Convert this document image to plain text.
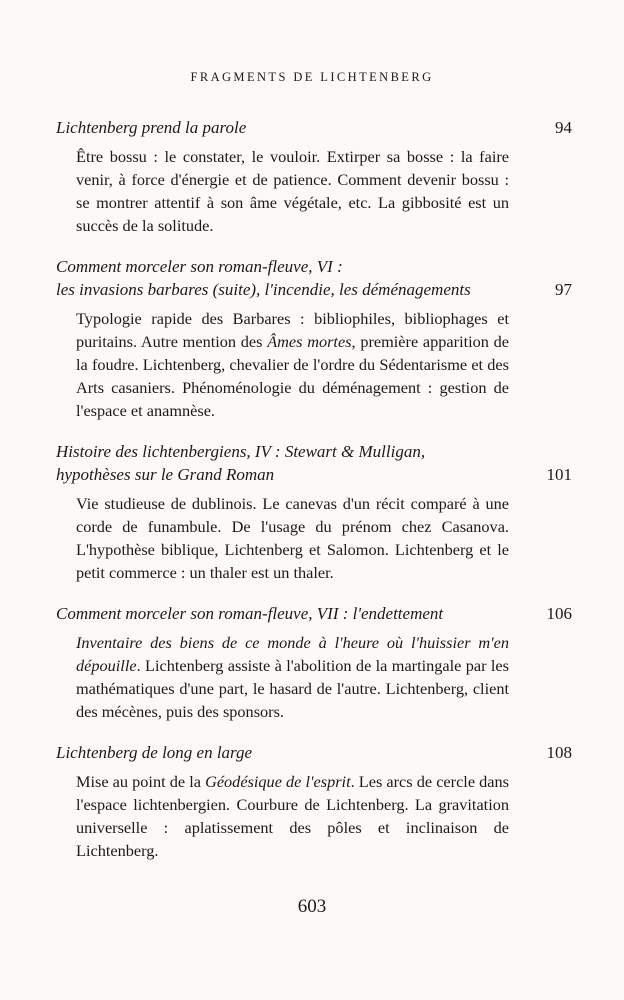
FRAGMENTS DE LICHTENBERG
Lichtenberg prend la parole	94
Être bossu : le constater, le vouloir. Extirper sa bosse : la faire venir, à force d'énergie et de patience. Comment devenir bossu : se montrer attentif à son âme végétale, etc. La gibbosité est un succès de la solitude.
Comment morceler son roman-fleuve, VI :
les invasions barbares (suite), l'incendie, les déménagements	97
Typologie rapide des Barbares : bibliophiles, bibliophages et puritains. Autre mention des Âmes mortes, première apparition de la foudre. Lichtenberg, chevalier de l'ordre du Sédentarisme et des Arts casaniers. Phénoménologie du déménagement : gestion de l'espace et anamnèse.
Histoire des lichtenbergiens, IV : Stewart & Mulligan,
hypothèses sur le Grand Roman	101
Vie studieuse de dublinois. Le canevas d'un récit comparé à une corde de funambule. De l'usage du prénom chez Casanova. L'hypothèse biblique, Lichtenberg et Salomon. Lichtenberg et le petit commerce : un thaler est un thaler.
Comment morceler son roman-fleuve, VII : l'endettement	106
Inventaire des biens de ce monde à l'heure où l'huissier m'en dépouille. Lichtenberg assiste à l'abolition de la martingale par les mathématiques d'une part, le hasard de l'autre. Lichtenberg, client des mécènes, puis des sponsors.
Lichtenberg de long en large	108
Mise au point de la Géodésique de l'esprit. Les arcs de cercle dans l'espace lichtenbergien. Courbure de Lichtenberg. La gravitation universelle : aplatissement des pôles et inclinaison de Lichtenberg.
603
